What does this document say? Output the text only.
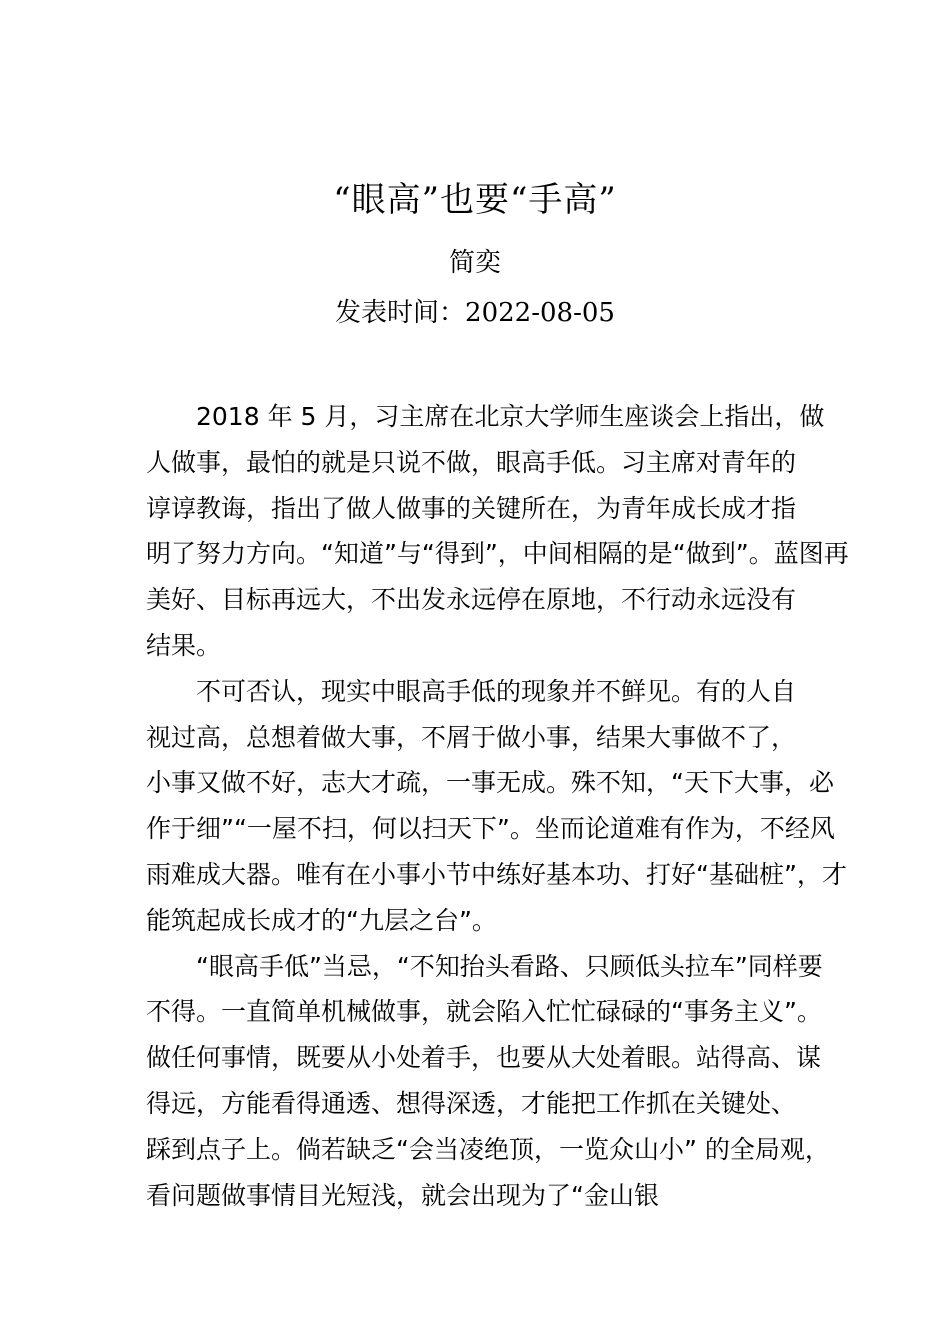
“眼高”也要“手高”
简奕
发表时间：2022-08-05
2018 年 5 月，习主席在北京大学师生座谈会上指出，做
人做事，最怕的就是只说不做，眼高手低。习主席对青年的
谆谆教诲，指出了做人做事的关键所在，为青年成长成才指
明了努力方向。“知道”与“得到”，中间相隔的是“做到”。蓝图再
美好、目标再远大，不出发永远停在原地，不行动永远没有
结果。
不可否认，现实中眼高手低的现象并不鲜见。有的人自
视过高，总想着做大事，不屑于做小事，结果大事做不了，
小事又做不好，志大才疏，一事无成。殊不知，“天下大事，必
作于细”“一屋不扫，何以扫天下”。坐而论道难有作为，不经风
雨难成大器。唯有在小事小节中练好基本功、打好“基础桩”，才
能筑起成长成才的“九层之台”。
“眼高手低”当忌，“不知抬头看路、只顾低头拉车”同样要
不得。一直简单机械做事，就会陷入忙忙碌碌的“事务主义”。
做任何事情，既要从小处着手，也要从大处着眼。站得高、谋
得远，方能看得通透、想得深透，才能把工作抓在关键处、
踩到点子上。倘若缺乏“会当凌绝顶，一览众山小” 的全局观，
看问题做事情目光短浅，就会出现为了“金山银
